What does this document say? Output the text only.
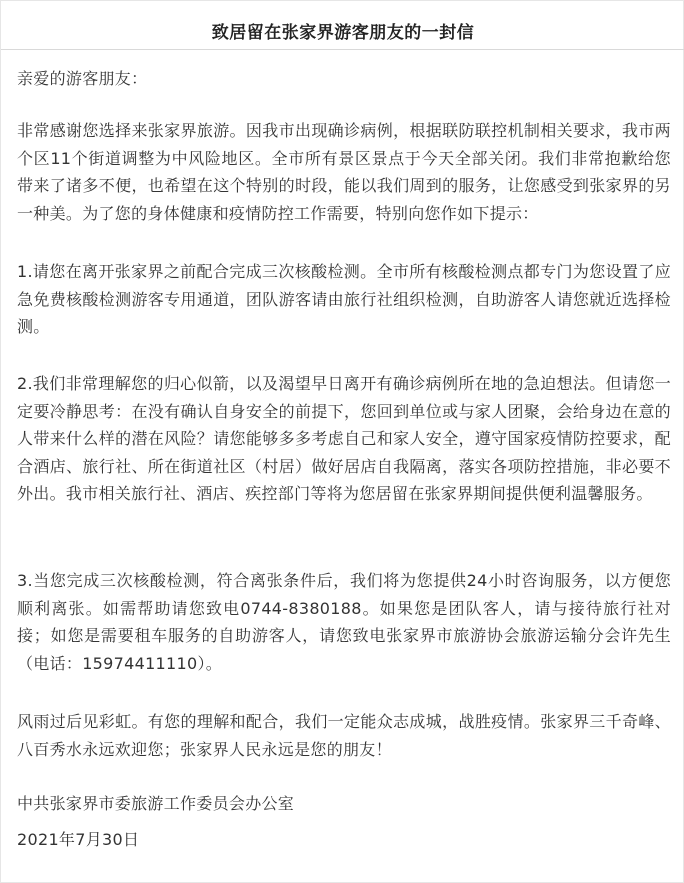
致居留在张家界游客朋友的一封信

亲爱的游客朋友：

非常感谢您选择来张家界旅游。因我市出现确诊病例，根据联防联控机制相关要求，我市两个区11个街道调整为中风险地区。全市所有景区景点于今天全部关闭。我们非常抱歉给您带来了诸多不便，也希望在这个特别的时段，能以我们周到的服务，让您感受到张家界的另一种美。为了您的身体健康和疫情防控工作需要，特别向您作如下提示：

1.请您在离开张家界之前配合完成三次核酸检测。全市所有核酸检测点都专门为您设置了应急免费核酸检测游客专用通道，团队游客请由旅行社组织检测，自助游客人请您就近选择检测。

2.我们非常理解您的归心似箭，以及渴望早日离开有确诊病例所在地的急迫想法。但请您一定要冷静思考：在没有确认自身安全的前提下，您回到单位或与家人团聚，会给身边在意的人带来什么样的潜在风险？请您能够多多考虑自己和家人安全，遵守国家疫情防控要求，配合酒店、旅行社、所在街道社区（村居）做好居店自我隔离，落实各项防控措施，非必要不外出。我市相关旅行社、酒店、疾控部门等将为您居留在张家界期间提供便利温馨服务。

3.当您完成三次核酸检测，符合离张条件后，我们将为您提供24小时咨询服务，以方便您顺利离张。如需帮助请您致电0744-8380188。如果您是团队客人，请与接待旅行社对接；如您是需要租车服务的自助游客人，请您致电张家界市旅游协会旅游运输分会许先生（电话：15974411110）。

风雨过后见彩虹。有您的理解和配合，我们一定能众志成城，战胜疫情。张家界三千奇峰、八百秀水永远欢迎您；张家界人民永远是您的朋友！

中共张家界市委旅游工作委员会办公室

2021年7月30日
